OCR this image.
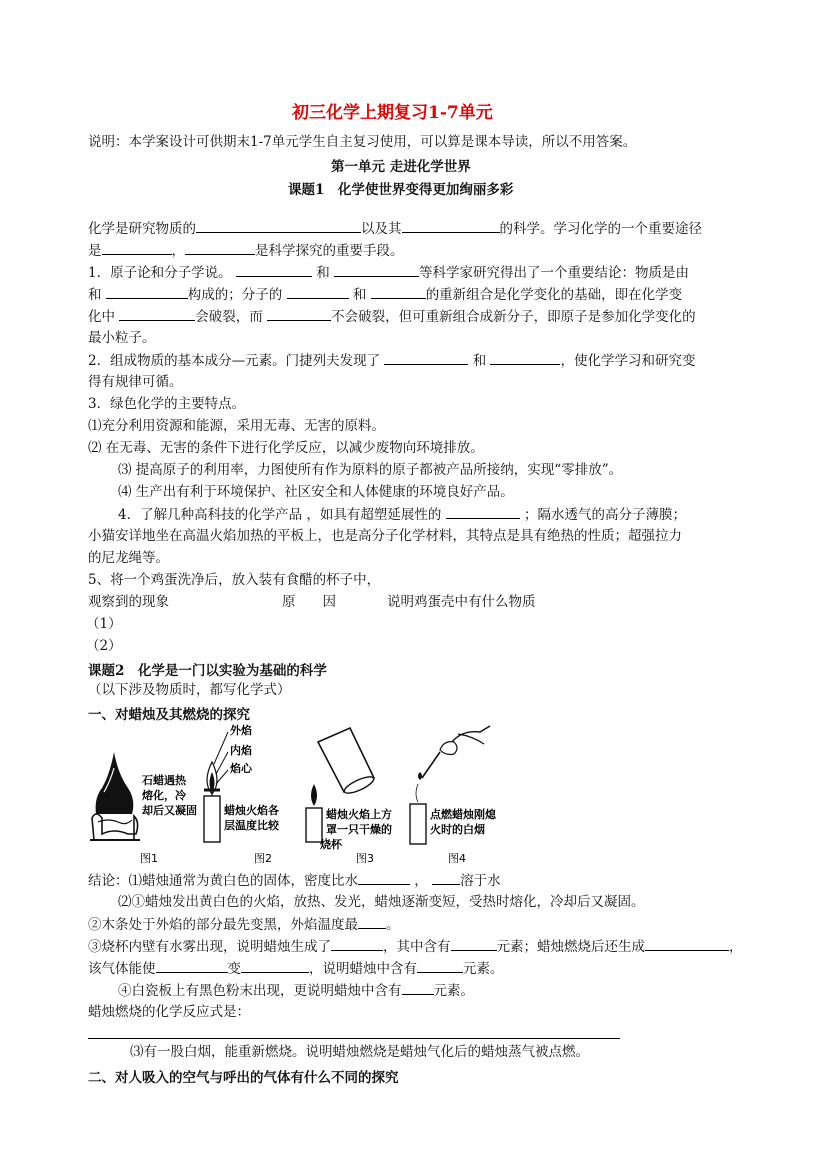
初三化学上期复习1-7单元
说明：本学案设计可供期末1-7单元学生自主复习使用，可以算是课本导读，所以不用答案。
第一单元 走进化学世界
课题1　化学使世界变得更加绚丽多彩
化学是研究物质的	以及其	的科学。学习化学的一个重要途径
是	，	是科学探究的重要手段。
1．原子论和分子学说。	和	等科学家研究得出了一个重要结论：物质是由
和	构成的；分子的	和	的重新组合是化学变化的基础，即在化学变
化中	会破裂，而	不会破裂，但可重新组合成新分子，即原子是参加化学变化的
最小粒子。
2．组成物质的基本成分—元素。门捷列夫发现了	和	，使化学学习和研究变
得有规律可循。
3．绿色化学的主要特点。
⑴充分利用资源和能源，采用无毒、无害的原料。
⑵ 在无毒、无害的条件下进行化学反应，以减少废物向环境排放。
⑶ 提高原子的利用率，力图使所有作为原料的原子都被产品所接纳，实现“零排放”。
⑷ 生产出有利于环境保护、社区安全和人体健康的环境良好产品。
4．了解几种高科技的化学产品 ，如具有超塑延展性的	；隔水透气的高分子薄膜；
小猫安详地坐在高温火焰加热的平板上，也是高分子化学材料，其特点是具有绝热的性质；超强拉力
的尼龙绳等。
5、将一个鸡蛋洗净后，放入装有食醋的杯子中，
观察到的现象	原　　因	说明鸡蛋壳中有什么物质
（1）
（2）
课题2　化学是一门以实验为基础的科学
（以下涉及物质时，都写化学式）
一、对蜡烛及其燃烧的探究
石蜡遇热
熔化，冷
却后又凝固
外焰
内焰
焰心
蜡烛火焰各
层温度比较
蜡烛火焰上方
罩一只干燥的
烧杯
点燃蜡烛刚熄
火时的白烟
图1	图2	图3	图4
结论：⑴蜡烛通常为黄白色的固体，密度比水	， 溶于水
⑵①蜡烛发出黄白色的火焰，放热、发光，蜡烛逐渐变短，受热时熔化，冷却后又凝固。
②木条处于外焰的部分最先变黑，外焰温度最 。
③烧杯内壁有水雾出现，说明蜡烛生成了	，其中含有	元素；蜡烛燃烧后还生成	，
该气体能使	变	，说明蜡烛中含有	元素。
④白瓷板上有黑色粉末出现，更说明蜡烛中含有 元素。
蜡烛燃烧的化学反应式是：
⑶有一股白烟，能重新燃烧。说明蜡烛燃烧是蜡烛气化后的蜡烛蒸气被点燃。
二、对人吸入的空气与呼出的气体有什么不同的探究
